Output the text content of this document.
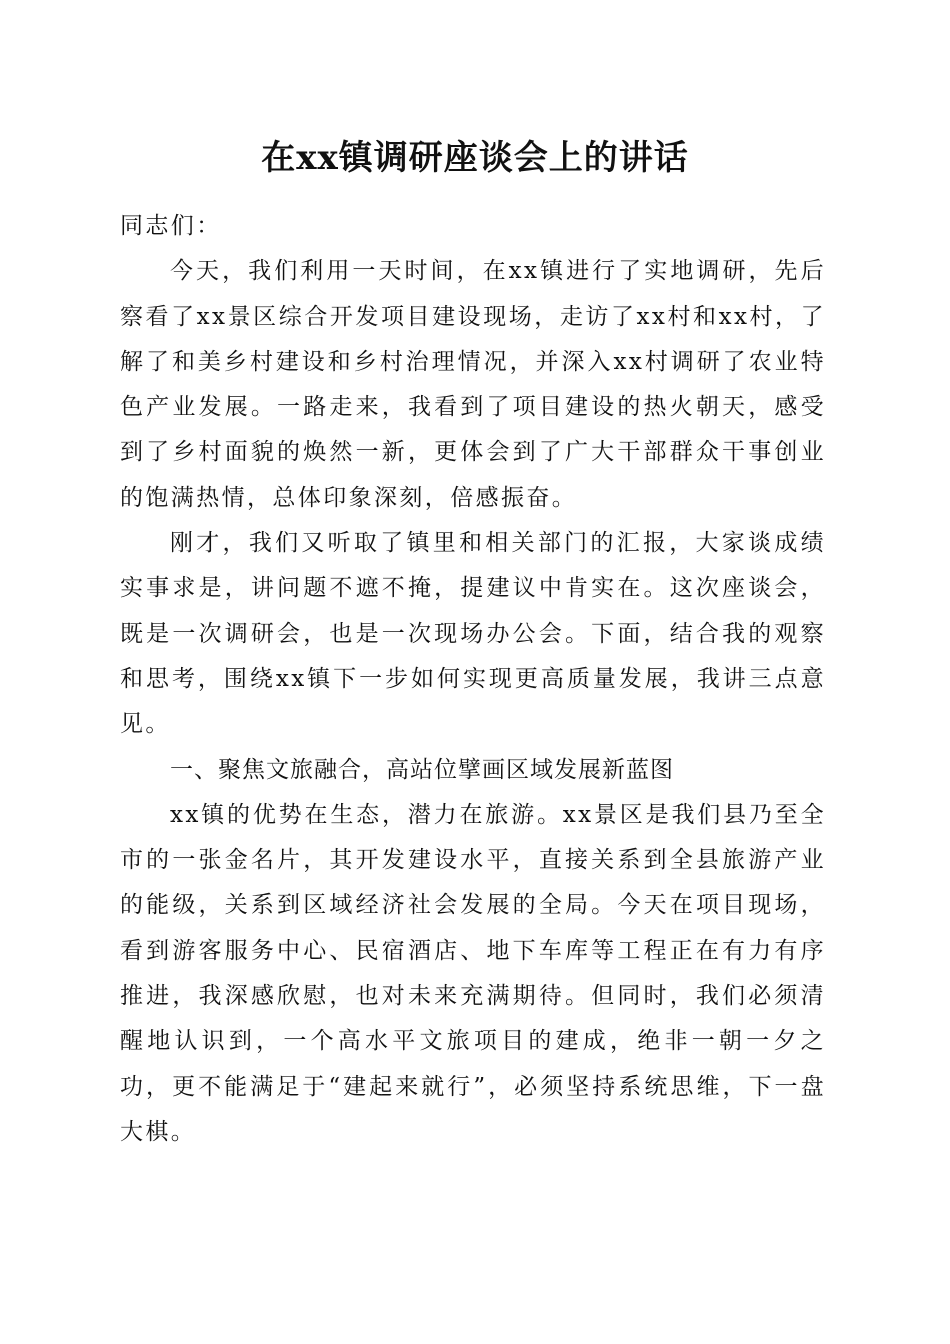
在xx镇调研座谈会上的讲话

同志们：

今天，我们利用一天时间，在xx镇进行了实地调研，先后察看了xx景区综合开发项目建设现场，走访了xx村和xx村，了解了和美乡村建设和乡村治理情况，并深入xx村调研了农业特色产业发展。一路走来，我看到了项目建设的热火朝天，感受到了乡村面貌的焕然一新，更体会到了广大干部群众干事创业的饱满热情，总体印象深刻，倍感振奋。

刚才，我们又听取了镇里和相关部门的汇报，大家谈成绩实事求是，讲问题不遮不掩，提建议中肯实在。这次座谈会，既是一次调研会，也是一次现场办公会。下面，结合我的观察和思考，围绕xx镇下一步如何实现更高质量发展，我讲三点意见。

一、聚焦文旅融合，高站位擘画区域发展新蓝图

xx镇的优势在生态，潜力在旅游。xx景区是我们县乃至全市的一张金名片，其开发建设水平，直接关系到全县旅游产业的能级，关系到区域经济社会发展的全局。今天在项目现场，看到游客服务中心、民宿酒店、地下车库等工程正在有力有序推进，我深感欣慰，也对未来充满期待。但同时，我们必须清醒地认识到，一个高水平文旅项目的建成，绝非一朝一夕之功，更不能满足于“建起来就行”，必须坚持系统思维，下一盘大棋。
